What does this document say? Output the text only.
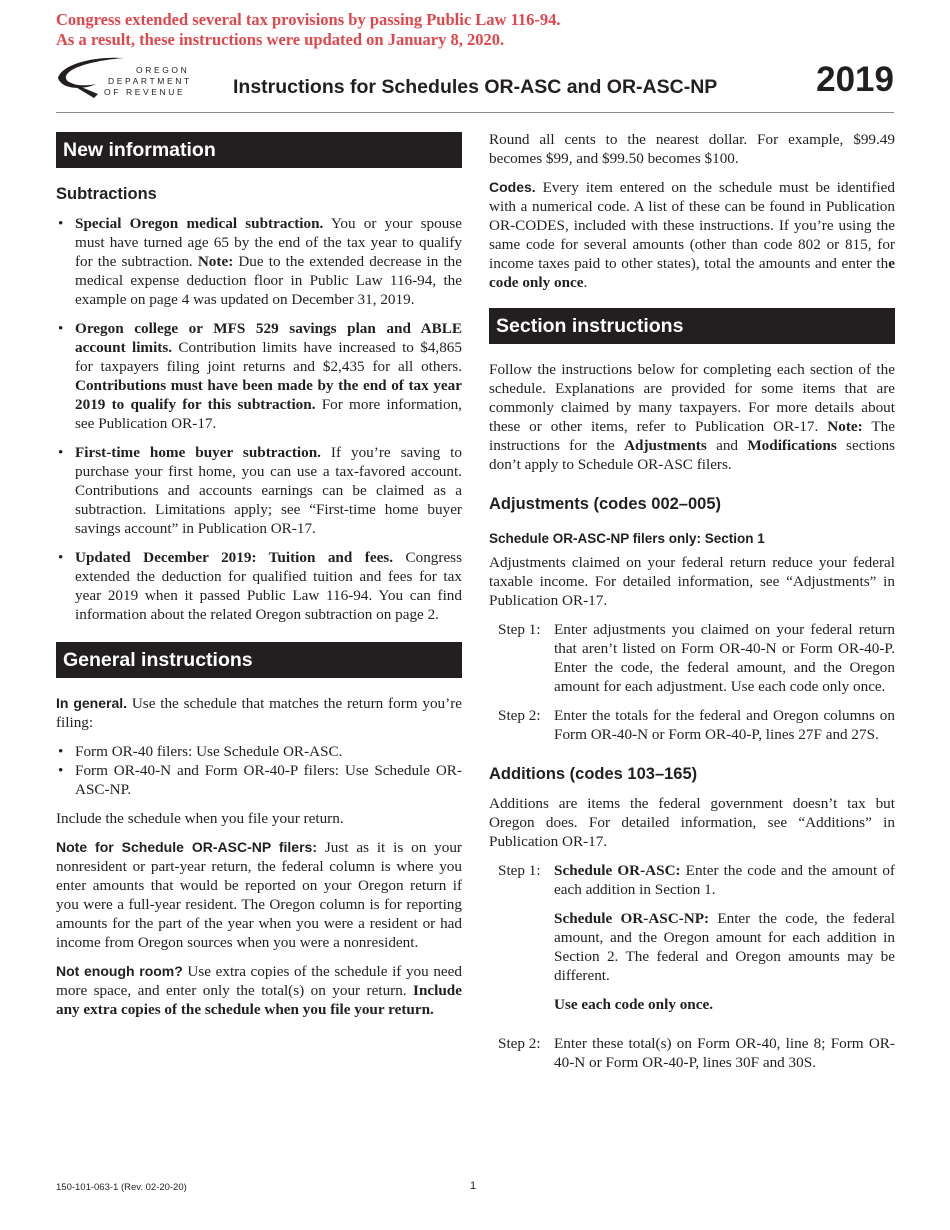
Congress extended several tax provisions by passing Public Law 116-94.
As a result, these instructions were updated on January 8, 2020.
OREGON
DEPARTMENT
OF REVENUE Instructions for Schedules OR-ASC and OR-ASC-NP	2019
New information
Subtractions
• Special Oregon medical subtraction. You or your spouse must have turned age 65 by the end of the tax year to qualify for the subtraction. Note: Due to the extended decrease in the medical expense deduction floor in Public Law 116-94, the example on page 4 was updated on December 31, 2019.
• Oregon college or MFS 529 savings plan and ABLE account limits. Contribution limits have increased to $4,865 for taxpayers filing joint returns and $2,435 for all others. Contributions must have been made by the end of tax year 2019 to qualify for this subtraction. For more information, see Publication OR-17.
• First-time home buyer subtraction. If you’re saving to purchase your first home, you can use a tax-favored account. Contributions and accounts earnings can be claimed as a subtraction. Limitations apply; see “First-time home buyer savings account” in Publication OR-17.
• Updated December 2019: Tuition and fees. Congress extended the deduction for qualified tuition and fees for tax year 2019 when it passed Public Law 116-94. You can find information about the related Oregon subtraction on page 2.
General instructions

In general. Use the schedule that matches the return form you’re filing:

• Form OR-40 filers: Use Schedule OR-ASC.
• Form OR-40-N and Form OR-40-P filers: Use Schedule OR-ASC-NP.

Include the schedule when you file your return.

Note for Schedule OR-ASC-NP filers: Just as it is on your nonresident or part-year return, the federal column is where you enter amounts that would be reported on your Oregon return if you were a full-year resident. The Oregon column is for reporting amounts for the part of the year when you were a resident or had income from Oregon sources when you were a nonresident.

Not enough room? Use extra copies of the schedule if you need more space, and enter only the total(s) on your return. Include any extra copies of the schedule when you file your return.

Round all cents to the nearest dollar. For example, $99.49 becomes $99, and $99.50 becomes $100.

Codes. Every item entered on the schedule must be identified with a numerical code. A list of these can be found in Publication OR-CODES, included with these instructions. If you’re using the same code for several amounts (other than code 802 or 815, for income taxes paid to other states), total the amounts and enter the code only once.

Section instructions

Follow the instructions below for completing each section of the schedule. Explanations are provided for some items that are commonly claimed by many taxpayers. For more details about these or other items, refer to Publication OR-17. Note: The instructions for the Adjustments and Modifications sections don’t apply to Schedule OR-ASC filers.

Adjustments (codes 002–005)
Schedule OR-ASC-NP filers only: Section 1

Adjustments claimed on your federal return reduce your federal taxable income. For detailed information, see “Adjustments” in Publication OR-17.

Step 1: Enter adjustments you claimed on your federal return that aren’t listed on Form OR-40-N or Form OR-40-P. Enter the code, the federal amount, and the Oregon amount for each adjustment. Use each code only once.
Step 2: Enter the totals for the federal and Oregon columns on Form OR-40-N or Form OR-40-P, lines 27F and 27S.
Additions (codes 103–165)

Additions are items the federal government doesn’t tax but Oregon does. For detailed information, see “Additions” in Publication OR-17.

Step 1: Schedule OR-ASC: Enter the code and the amount of each addition in Section 1.

Schedule OR-ASC-NP: Enter the code, the federal amount, and the Oregon amount for each addition in Section 2. The federal and Oregon amounts may be different.

Use each code only once.

Step 2: Enter these total(s) on Form OR-40, line 8; Form OR-40-N or Form OR-40-P, lines 30F and 30S.
150-101-063-1 (Rev. 02-20-20)	1
